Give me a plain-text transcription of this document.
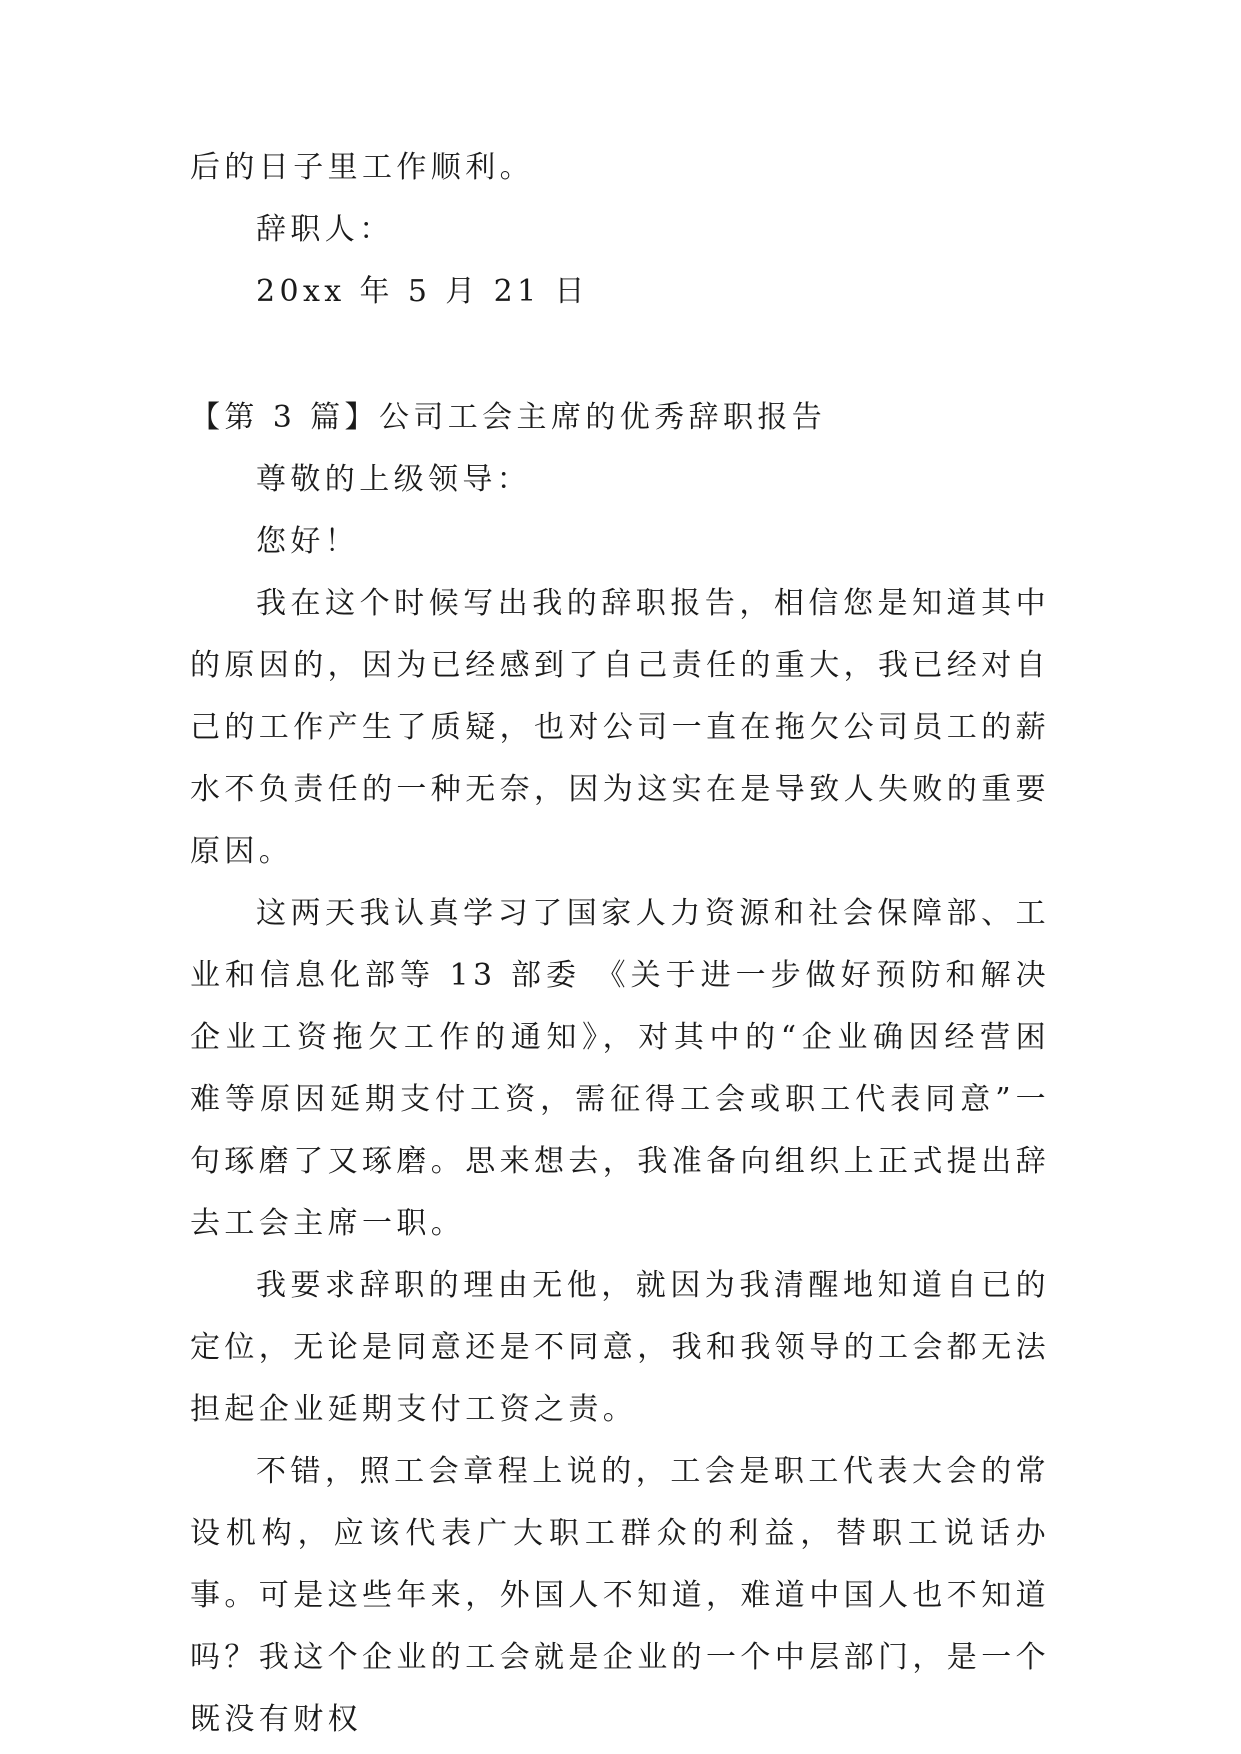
后的日子里工作顺利。

辞职人：

20xx 年 5 月 21 日

【第 3 篇】公司工会主席的优秀辞职报告

尊敬的上级领导：

您好！

我在这个时候写出我的辞职报告，相信您是知道其中的原因的，因为已经感到了自己责任的重大，我已经对自己的工作产生了质疑，也对公司一直在拖欠公司员工的薪水不负责任的一种无奈，因为这实在是导致人失败的重要原因。

这两天我认真学习了国家人力资源和社会保障部、工业和信息化部等 13 部委 《关于进一步做好预防和解决企业工资拖欠工作的通知》，对其中的“企业确因经营困难等原因延期支付工资，需征得工会或职工代表同意”一句琢磨了又琢磨。思来想去，我准备向组织上正式提出辞去工会主席一职。

我要求辞职的理由无他，就因为我清醒地知道自已的定位，无论是同意还是不同意，我和我领导的工会都无法担起企业延期支付工资之责。

不错，照工会章程上说的，工会是职工代表大会的常设机构，应该代表广大职工群众的利益，替职工说话办事。可是这些年来，外国人不知道，难道中国人也不知道吗？我这个企业的工会就是企业的一个中层部门，是一个既没有财权
